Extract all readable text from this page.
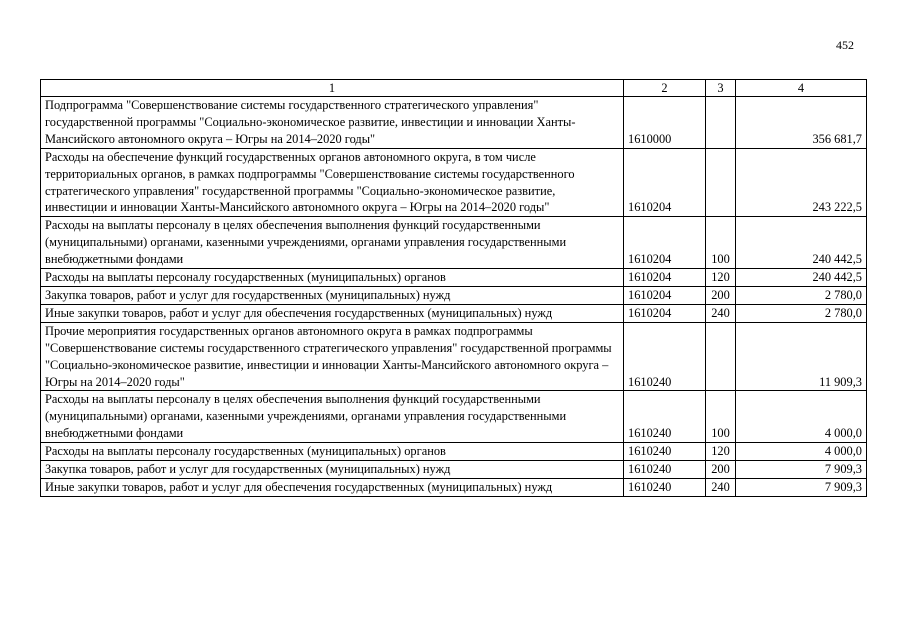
452
1	2	3	4
Подпрограмма "Совершенствование системы государственного стратегического управления" государственной программы "Социально-экономическое развитие, инвестиции и инновации Ханты-Мансийского автономного округа – Югры на 2014–2020 годы"	1610000		356 681,7
Расходы на обеспечение функций государственных органов автономного округа, в том числе территориальных органов, в рамках подпрограммы "Совершенствование системы государственного стратегического управления" государственной программы "Социально-экономическое развитие, инвестиции и инновации Ханты-Мансийского автономного округа – Югры на 2014–2020 годы"	1610204		243 222,5
Расходы на выплаты персоналу в целях обеспечения выполнения функций государственными (муниципальными) органами, казенными учреждениями, органами управления государственными внебюджетными фондами	1610204	100	240 442,5
Расходы на выплаты персоналу государственных (муниципальных) органов	1610204	120	240 442,5
Закупка товаров, работ и услуг для государственных (муниципальных) нужд	1610204	200	2 780,0
Иные закупки товаров, работ и услуг для обеспечения государственных (муниципальных) нужд	1610204	240	2 780,0
Прочие мероприятия государственных органов автономного округа в рамках подпрограммы "Совершенствование системы государственного стратегического управления" государственной программы "Социально-экономическое развитие, инвестиции и инновации Ханты-Мансийского автономного округа – Югры на 2014–2020 годы"	1610240		11 909,3
Расходы на выплаты персоналу в целях обеспечения выполнения функций государственными (муниципальными) органами, казенными учреждениями, органами управления государственными внебюджетными фондами	1610240	100	4 000,0
Расходы на выплаты персоналу государственных (муниципальных) органов	1610240	120	4 000,0
Закупка товаров, работ и услуг для государственных (муниципальных) нужд	1610240	200	7 909,3
Иные закупки товаров, работ и услуг для обеспечения государственных (муниципальных) нужд	1610240	240	7 909,3
